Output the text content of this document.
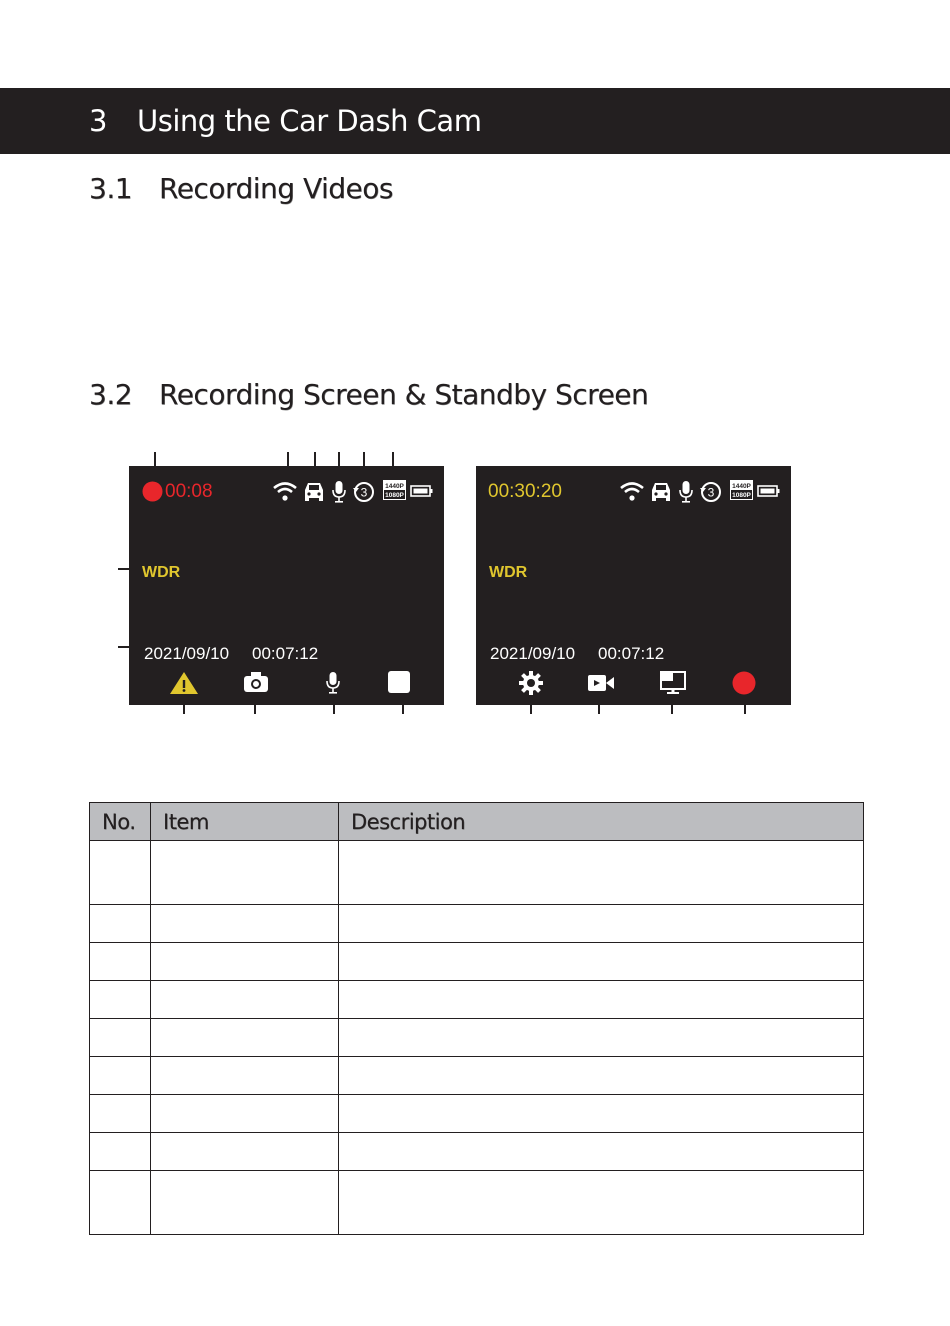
3 Using the Car Dash Cam
3.1 Recording Videos
3.2 Recording Screen & Standby Screen
00:08	3	1440P
1080P
WDR
2021/09/10 00:07:12
00:30:20	3	1440P
1080P
WDR
2021/09/10 00:07:12
No.	Item	Description
